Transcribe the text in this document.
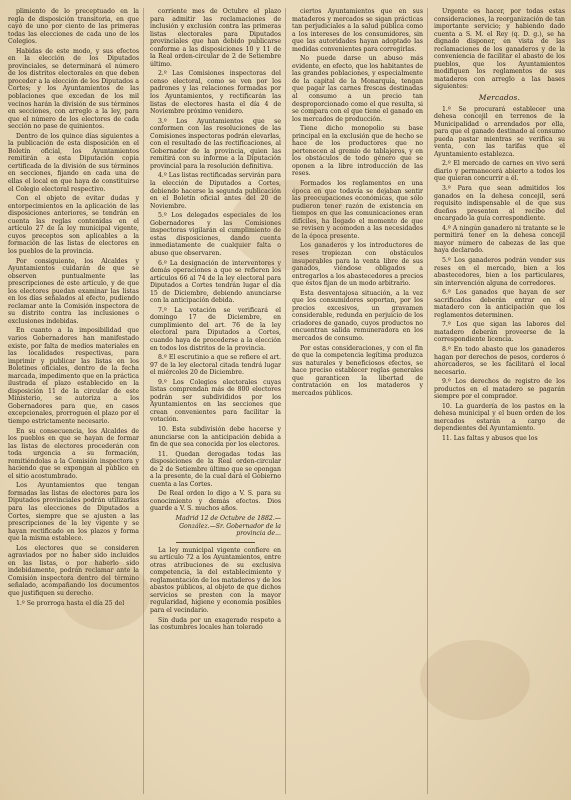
plimiento de lo preceptuado en la regla de disposición transitoria, en que cayó de uno por ciento de las primeras todas las elecciones de cada uno de los Colegios.

Habidas de este modo, y sus efectos en la elección de los Diputados provinciales, se determinará el número de los distritos electorales en que deben proceder a la elección de los Diputados a Cortes; y los Ayuntamientos de las poblaciones que excedan de los mil vecinos harán la división de sus términos en secciones, con arreglo a la ley, para que el número de los electores de cada sección no pase de quinientos.

Dentro de los quince días siguientes a la publicación de esta disposición en el Boletín oficial, los Ayuntamientos remitirán a esta Diputación copia certificada de la división de sus términos en secciones, fijando en cada una de ellas el local en que haya de constituirse el Colegio electoral respectivo.

Con el objeto de evitar dudas y entorpecimientos en la aplicación de las disposiciones anteriores, se tendrán en cuenta las reglas contenidas en el artículo 27 de la ley municipal vigente, cuyos preceptos son aplicables a la formación de las listas de electores en los pueblos de la provincia.

Por consiguiente, los Alcaldes y Ayuntamientos cuidarán de que se observen puntualmente las prescripciones de este artículo, y de que los electores puedan examinar las listas en los días señalados al efecto, pudiendo reclamar ante la Comisión inspectora de su distrito contra las inclusiones o exclusiones indebidas.

En cuanto a la imposibilidad que varios Gobernadores han manifestado existe, por falta de medios materiales en las localidades respectivas, para imprimir y publicar las listas en los Boletines oficiales, dentro de la fecha marcada, impedimento que en la práctica ilustrada el plazo establecido en la disposición 11 de la circular de este Ministerio, se autoriza a los Gobernadores para que, en casos excepcionales, prorroguen el plazo por el tiempo estrictamente necesario.

En su consecuencia, los Alcaldes de los pueblos en que se hayan de formar las listas de electores procederán con toda urgencia a su formación, remitiéndolas a la Comisión inspectora y haciendo que se expongan al público en el sitio acostumbrado.

Los Ayuntamientos que tengan formadas las listas de electores para los Diputados provinciales podrán utilizarlas para las elecciones de Diputados a Cortes, siempre que se ajusten a las prescripciones de la ley vigente y se hayan rectificado en los plazos y forma que la misma establece.

Los electores que se consideren agraviados por no haber sido incluidos en las listas, o por haberlo sido indebidamente, podrán reclamar ante la Comisión inspectora dentro del término señalado, acompañando los documentos que justifiquen su derecho.

1.º Se prorroga hasta el día 25 del

corriente mes de Octubre el plazo para admitir las reclamaciones de inclusión y exclusión contra las primeras listas electorales para Diputados provinciales que han debido publicarse conforme a las disposiciones 10 y 11 de la Real orden-circular de 2 de Setiembre último.

2.º Las Comisiones inspectoras del censo electoral, como se ven por los padrones y las relaciones formadas por los Ayuntamientos, y rectificarán las listas de electores hasta el día 4 de Noviembre próximo venidero.

3.º Los Ayuntamientos que se conformen con las resoluciones de las Comisiones inspectoras podrán elevarlas, con el resultado de las rectificaciones, al Gobernador de la provincia, quien las remitirá con su informe a la Diputación provincial para la resolución definitiva.

4.º Las listas rectificadas servirán para la elección de Diputados a Cortes, debiendo hacerse la segunda publicación en el Boletín oficial antes del 20 de Noviembre.

5.º Los delegados especiales de los Gobernadores y las Comisiones inspectoras vigilarán el cumplimiento de estas disposiciones, dando cuenta inmediatamente de cualquier falta o abuso que observaren.

6.º La designación de interventores y demás operaciones a que se refieren los artículos 66 al 74 de la ley electoral para Diputados a Cortes tendrán lugar el día 15 de Diciembre, debiendo anunciarse con la anticipación debida.

7.º La votación se verificará el domingo 17 de Diciembre, en cumplimiento del art. 76 de la ley electoral para Diputados a Cortes, cuando haya de procederse a la elección en todos los distritos de la provincia.

8.º El escrutinio a que se refiere el art. 97 de la ley electoral citada tendrá lugar el miércoles 20 de Diciembre.

9.º Los Colegios electorales cuyas listas comprendan más de 800 electores podrán ser subdivididos por los Ayuntamientos en las secciones que crean convenientes para facilitar la votación.

10. Esta subdivisión debe hacerse y anunciarse con la anticipación debida a fin de que sea conocida por los electores.

11. Quedan derogadas todas las disposiciones de la Real orden-circular de 2 de Setiembre último que se opongan a la presente, de la cual dará el Gobierno cuenta a las Cortes.

De Real orden lo digo a V. S. para su conocimiento y demás efectos. Dios guarde a V. S. muchos años.

Madrid 12 de Octubre de 1882.—González.—Sr. Gobernador de la provincia de...

La ley municipal vigente confiere en su artículo 72 a los Ayuntamientos, entre otras atribuciones de su exclusiva competencia, la del establecimiento y reglamentación de los mataderos y de los abastos públicos, al objeto de que dichos servicios se presten con la mayor regularidad, higiene y economía posibles para el vecindario.

Sin duda por un exagerado respeto a las costumbres locales han tolerado

ciertos Ayuntamientos que en sus mataderos y mercados se sigan prácticas tan perjudiciales a la salud pública como a los intereses de los consumidores, sin que las autoridades hayan adoptado las medidas convenientes para corregirlas.

No puede darse un abuso más evidente, en efecto, que los habitantes de las grandes poblaciones, y especialmente de la capital de la Monarquía, tengan que pagar las carnes frescas destinadas al consumo a un precio tan desproporcionado como el que resulta, si se compara con el que tiene el ganado en los mercados de producción.

Tiene dicho monopolio su base principal en la exclusión que de hecho se hace de los productores que no pertenecen al gremio de tablajeros, y en los obstáculos de todo género que se oponen a la libre introducción de las reses.

Formados los reglamentos en una época en que todavía se dejaban sentir las preocupaciones económicas, que sólo pudieron tener razón de existencia en tiempos en que las comunicaciones eran difíciles, ha llegado el momento de que se revisen y acomoden a las necesidades de la época presente.

Los ganaderos y los introductores de reses tropiezan con obstáculos insuperables para la venta libre de sus ganados, viéndose obligados a entregarlos a los abastecedores a precios que éstos fijan de un modo arbitrario.

Esta desventajosa situación, a la vez que los consumidores soportan, por los precios excesivos, un gravamen considerable, redunda en perjuicio de los criadores de ganado, cuyos productos no encuentran salida remuneradora en los mercados de consumo.

Por estas consideraciones, y con el fin de que la competencia legítima produzca sus naturales y beneficiosos efectos, se hace preciso establecer reglas generales que garanticen la libertad de contratación en los mataderos y mercados públicos.

Urgente es hacer, por todas estas consideraciones, la reorganización de tan importante servicio; y habiendo dado cuenta a S. M. el Rey (q. D. g.), se ha dignado disponer, en vista de las reclamaciones de los ganaderos y de la conveniencia de facilitar el abasto de los pueblos, que los Ayuntamientos modifiquen los reglamentos de sus mataderos con arreglo a las bases siguientes:

Mercados.

1.º Se procurará establecer una dehesa concejil en terrenos de la Municipalidad o arrendados por ella, para que el ganado destinado al consumo pueda pastar mientras se verifica su venta, con las tarifas que el Ayuntamiento establezca.

2.º El mercado de carnes en vivo será diario y permanecerá abierto a todos los que quieran concurrir a él.

3.º Para que sean admitidos los ganados en la dehesa concejil, será requisito indispensable el de que sus dueños presenten al recibo del encargado la guía correspondiente.

4.º A ningún ganadero ni tratante se le permitirá tener en la dehesa concejil mayor número de cabezas de las que haya declarado.

5.º Los ganaderos podrán vender sus reses en el mercado, bien a los abastecedores, bien a los particulares, sin intervención alguna de corredores.

6.º Los ganados que hayan de ser sacrificados deberán entrar en el matadero con la anticipación que los reglamentos determinen.

7.º Los que sigan las labores del matadero deberán proveerse de la correspondiente licencia.

8.º En todo abasto que los ganaderos hagan por derechos de pesos, corderos ó ahorcaderos, se les facilitará el local necesario.

9.º Los derechos de registro de los productos en el matadero se pagarán siempre por el comprador.

10. La guardería de los pastos en la dehesa municipal y el buen orden de los mercados estarán a cargo de dependientes del Ayuntamiento.

11. Las faltas y abusos que los
